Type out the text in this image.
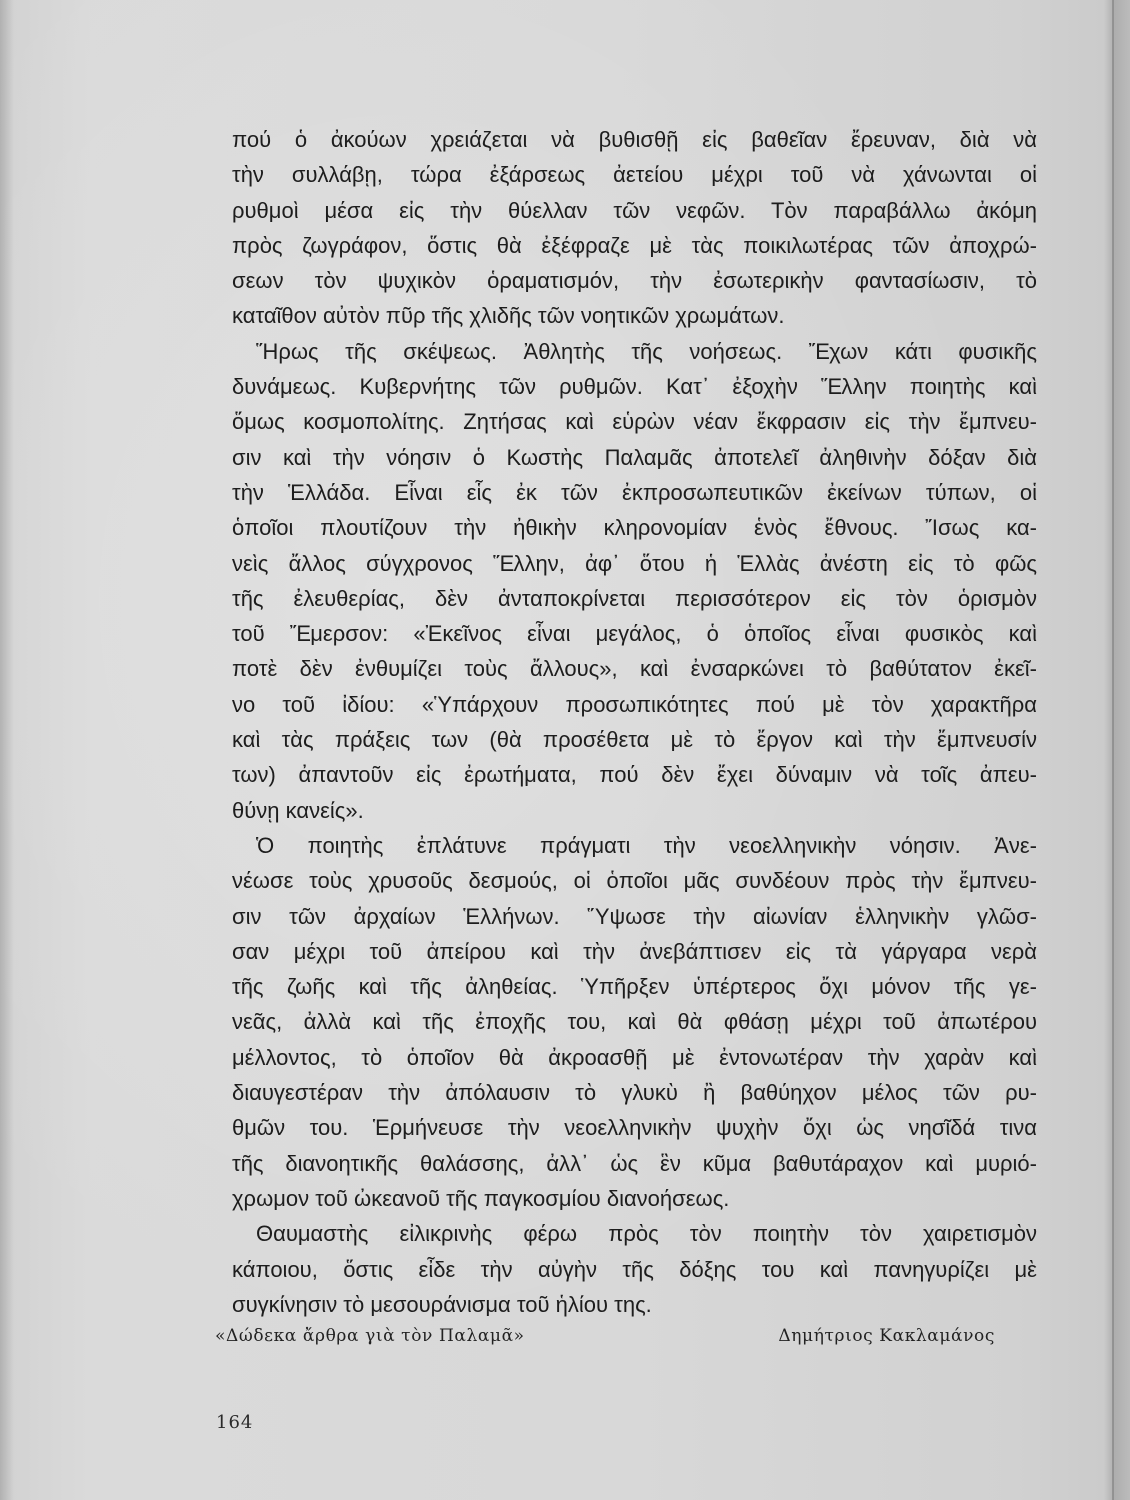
πού ὁ ἀκούων χρειάζεται νὰ βυθισθῇ εἰς βαθεῖαν ἔρευναν, διὰ νὰ
τὴν συλλάβῃ, τώρα ἐξάρσεως ἀετείου μέχρι τοῦ νὰ χάνωνται οἱ
ρυθμοὶ μέσα εἰς τὴν θύελλαν τῶν νεφῶν. Τὸν παραβάλλω ἀκόμη
πρὸς ζωγράφον, ὅστις θὰ ἐξέφραζε μὲ τὰς ποικιλωτέρας τῶν ἀποχρώ-
σεων τὸν ψυχικὸν ὁραματισμόν, τὴν ἐσωτερικὴν φαντασίωσιν, τὸ
καταῖθον αὐτὸν πῦρ τῆς χλιδῆς τῶν νοητικῶν χρωμάτων.
Ἥρως τῆς σκέψεως. Ἀθλητὴς τῆς νοήσεως. Ἔχων κάτι φυσικῆς
δυνάμεως. Κυβερνήτης τῶν ρυθμῶν. Κατ᾽ ἐξοχὴν Ἕλλην ποιητὴς καὶ
ὅμως κοσμοπολίτης. Ζητήσας καὶ εὑρὼν νέαν ἔκφρασιν εἰς τὴν ἔμπνευ-
σιν καὶ τὴν νόησιν ὁ Κωστὴς Παλαμᾶς ἀποτελεῖ ἀληθινὴν δόξαν διὰ
τὴν Ἑλλάδα. Εἶναι εἷς ἐκ τῶν ἐκπροσωπευτικῶν ἐκείνων τύπων, οἱ
ὁποῖοι πλουτίζουν τὴν ἠθικὴν κληρονομίαν ἑνὸς ἔθνους. Ἴσως κα-
νεὶς ἄλλος σύγχρονος Ἕλλην, ἀφ᾽ ὅτου ἡ Ἑλλὰς ἀνέστη εἰς τὸ φῶς
τῆς ἐλευθερίας, δὲν ἀνταποκρίνεται περισσότερον εἰς τὸν ὁρισμὸν
τοῦ Ἔμερσον: «Ἐκεῖνος εἶναι μεγάλος, ὁ ὁποῖος εἶναι φυσικὸς καὶ
ποτὲ δὲν ἐνθυμίζει τοὺς ἄλλους», καὶ ἐνσαρκώνει τὸ βαθύτατον ἐκεῖ-
νο τοῦ ἰδίου: «Ὑπάρχουν προσωπικότητες πού μὲ τὸν χαρακτῆρα
καὶ τὰς πράξεις των (θὰ προσέθετα μὲ τὸ ἔργον καὶ τὴν ἔμπνευσίν
των) ἀπαντοῦν εἰς ἐρωτήματα, πού δὲν ἔχει δύναμιν νὰ τοῖς ἀπευ-
θύνῃ κανείς».
Ὁ ποιητὴς ἐπλάτυνε πράγματι τὴν νεοελληνικὴν νόησιν. Ἀνε-
νέωσε τοὺς χρυσοῦς δεσμούς, οἱ ὁποῖοι μᾶς συνδέουν πρὸς τὴν ἔμπνευ-
σιν τῶν ἀρχαίων Ἑλλήνων. Ὕψωσε τὴν αἰωνίαν ἑλληνικὴν γλῶσ-
σαν μέχρι τοῦ ἀπείρου καὶ τὴν ἀνεβάπτισεν εἰς τὰ γάργαρα νερὰ
τῆς ζωῆς καὶ τῆς ἀληθείας. Ὑπῆρξεν ὑπέρτερος ὄχι μόνον τῆς γε-
νεᾶς, ἀλλὰ καὶ τῆς ἐποχῆς του, καὶ θὰ φθάσῃ μέχρι τοῦ ἀπωτέρου
μέλλοντος, τὸ ὁποῖον θὰ ἀκροασθῇ μὲ ἐντονωτέραν τὴν χαρὰν καὶ
διαυγεστέραν τὴν ἀπόλαυσιν τὸ γλυκὺ ἢ βαθύηχον μέλος τῶν ρυ-
θμῶν του. Ἑρμήνευσε τὴν νεοελληνικὴν ψυχὴν ὄχι ὡς νησῖδά τινα
τῆς διανοητικῆς θαλάσσης, ἀλλ᾽ ὡς ἓν κῦμα βαθυτάραχον καὶ μυριό-
χρωμον τοῦ ὠκεανοῦ τῆς παγκοσμίου διανοήσεως.
Θαυμαστὴς εἰλικρινὴς φέρω πρὸς τὸν ποιητὴν τὸν χαιρετισμὸν
κάποιου, ὅστις εἶδε τὴν αὐγὴν τῆς δόξης του καὶ πανηγυρίζει μὲ
συγκίνησιν τὸ μεσουράνισμα τοῦ ἡλίου της.
«Δώδεκα ἄρθρα γιὰ τὸν Παλαμᾶ»	Δημήτριος Κακλαμάνος
164
